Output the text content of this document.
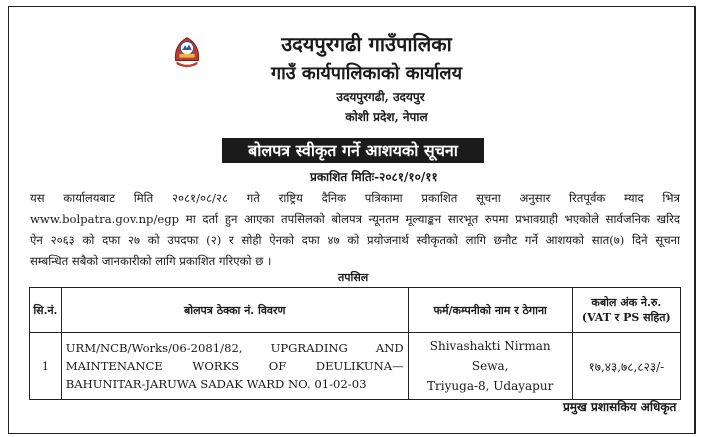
उदयपुरगढी गाउँपालिका
गाउँ कार्यपालिकाको कार्यालय
उदयपुरगढी, उदयपुर
कोशी प्रदेश, नेपाल
बोलपत्र स्वीकृत गर्ने आशयको सूचना
प्रकाशित मितिः-२०८१/१०/११
यस कार्यालयबाट मिति २०८१/०८/२८ गते राष्ट्रिय दैनिक पत्रिकामा प्रकाशित सूचना अनुसार रितपूर्वक म्याद भित्र
www.bolpatra.gov.np/egp मा दर्ता हुन आएका तपसिलको बोलपत्र न्यूनतम मूल्याङ्कन सारभूत रुपमा प्रभावग्राही भएकोले सार्वजनिक खरिद
ऐन २०६३ को दफा २७ को उपदफा (२) र सोही ऐनको दफा ४७ को प्रयोजनार्थ स्वीकृतको लागि छनौट गर्ने आशयको सात(७) दिने सूचना
सम्बन्धित सबैको जानकारीको लागि प्रकाशित गरिएको छ ।
तपसिल
सि.नं.	बोलपत्र ठेक्का नं. विवरण	फर्म/कम्पनीको नाम र ठेगाना	कबोल अंक ने.रु.
(VAT र PS सहित)

1	URM/NCB/Works/06-2081/82, UPGRADING AND MAINTENANCE WORKS OF DEULIKUNA—BAHUNITAR-JARUWA SADAK WARD NO. 01-02-03	Shivashakti Nirman Sewa,
Triyuga-8, Udayapur	१७,४३,७८,८२३/-
प्रमुख प्रशासकिय अधिकृत
